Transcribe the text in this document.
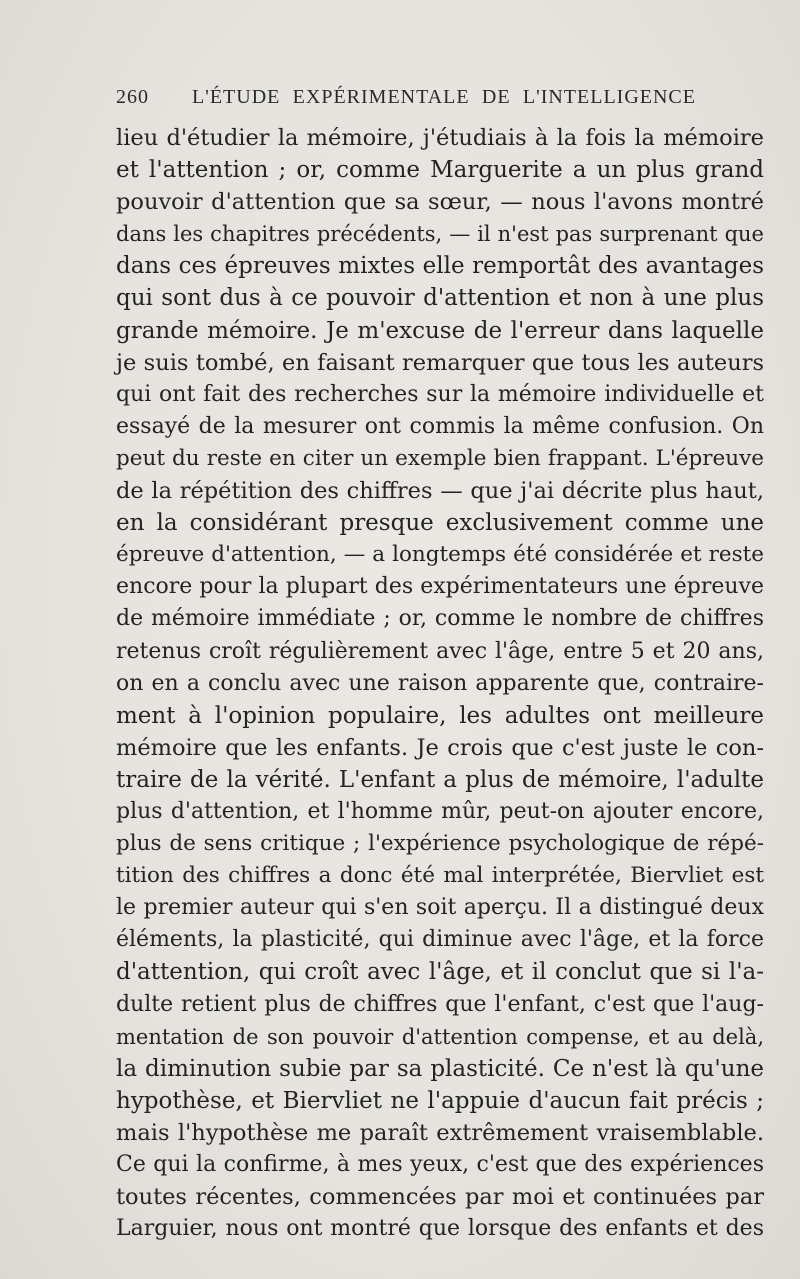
260 L'ÉTUDE EXPÉRIMENTALE DE L'INTELLIGENCE
lieu d'étudier la mémoire, j'étudiais à la fois la mémoire
et l'attention ; or, comme Marguerite a un plus grand
pouvoir d'attention que sa sœur, — nous l'avons montré
dans les chapitres précédents, — il n'est pas surprenant que
dans ces épreuves mixtes elle remportât des avantages
qui sont dus à ce pouvoir d'attention et non à une plus
grande mémoire. Je m'excuse de l'erreur dans laquelle
je suis tombé, en faisant remarquer que tous les auteurs
qui ont fait des recherches sur la mémoire individuelle et
essayé de la mesurer ont commis la même confusion. On
peut du reste en citer un exemple bien frappant. L'épreuve
de la répétition des chiffres — que j'ai décrite plus haut,
en la considérant presque exclusivement comme une
épreuve d'attention, — a longtemps été considérée et reste
encore pour la plupart des expérimentateurs une épreuve
de mémoire immédiate ; or, comme le nombre de chiffres
retenus croît régulièrement avec l'âge, entre 5 et 20 ans,
on en a conclu avec une raison apparente que, contraire-
ment à l'opinion populaire, les adultes ont meilleure
mémoire que les enfants. Je crois que c'est juste le con-
traire de la vérité. L'enfant a plus de mémoire, l'adulte
plus d'attention, et l'homme mûr, peut-on ajouter encore,
plus de sens critique ; l'expérience psychologique de répé-
tition des chiffres a donc été mal interprétée, Biervliet est
le premier auteur qui s'en soit aperçu. Il a distingué deux
éléments, la plasticité, qui diminue avec l'âge, et la force
d'attention, qui croît avec l'âge, et il conclut que si l'a-
dulte retient plus de chiffres que l'enfant, c'est que l'aug-
mentation de son pouvoir d'attention compense, et au delà,
la diminution subie par sa plasticité. Ce n'est là qu'une
hypothèse, et Biervliet ne l'appuie d'aucun fait précis ;
mais l'hypothèse me paraît extrêmement vraisemblable.
Ce qui la confirme, à mes yeux, c'est que des expériences
toutes récentes, commencées par moi et continuées par
Larguier, nous ont montré que lorsque des enfants et des
